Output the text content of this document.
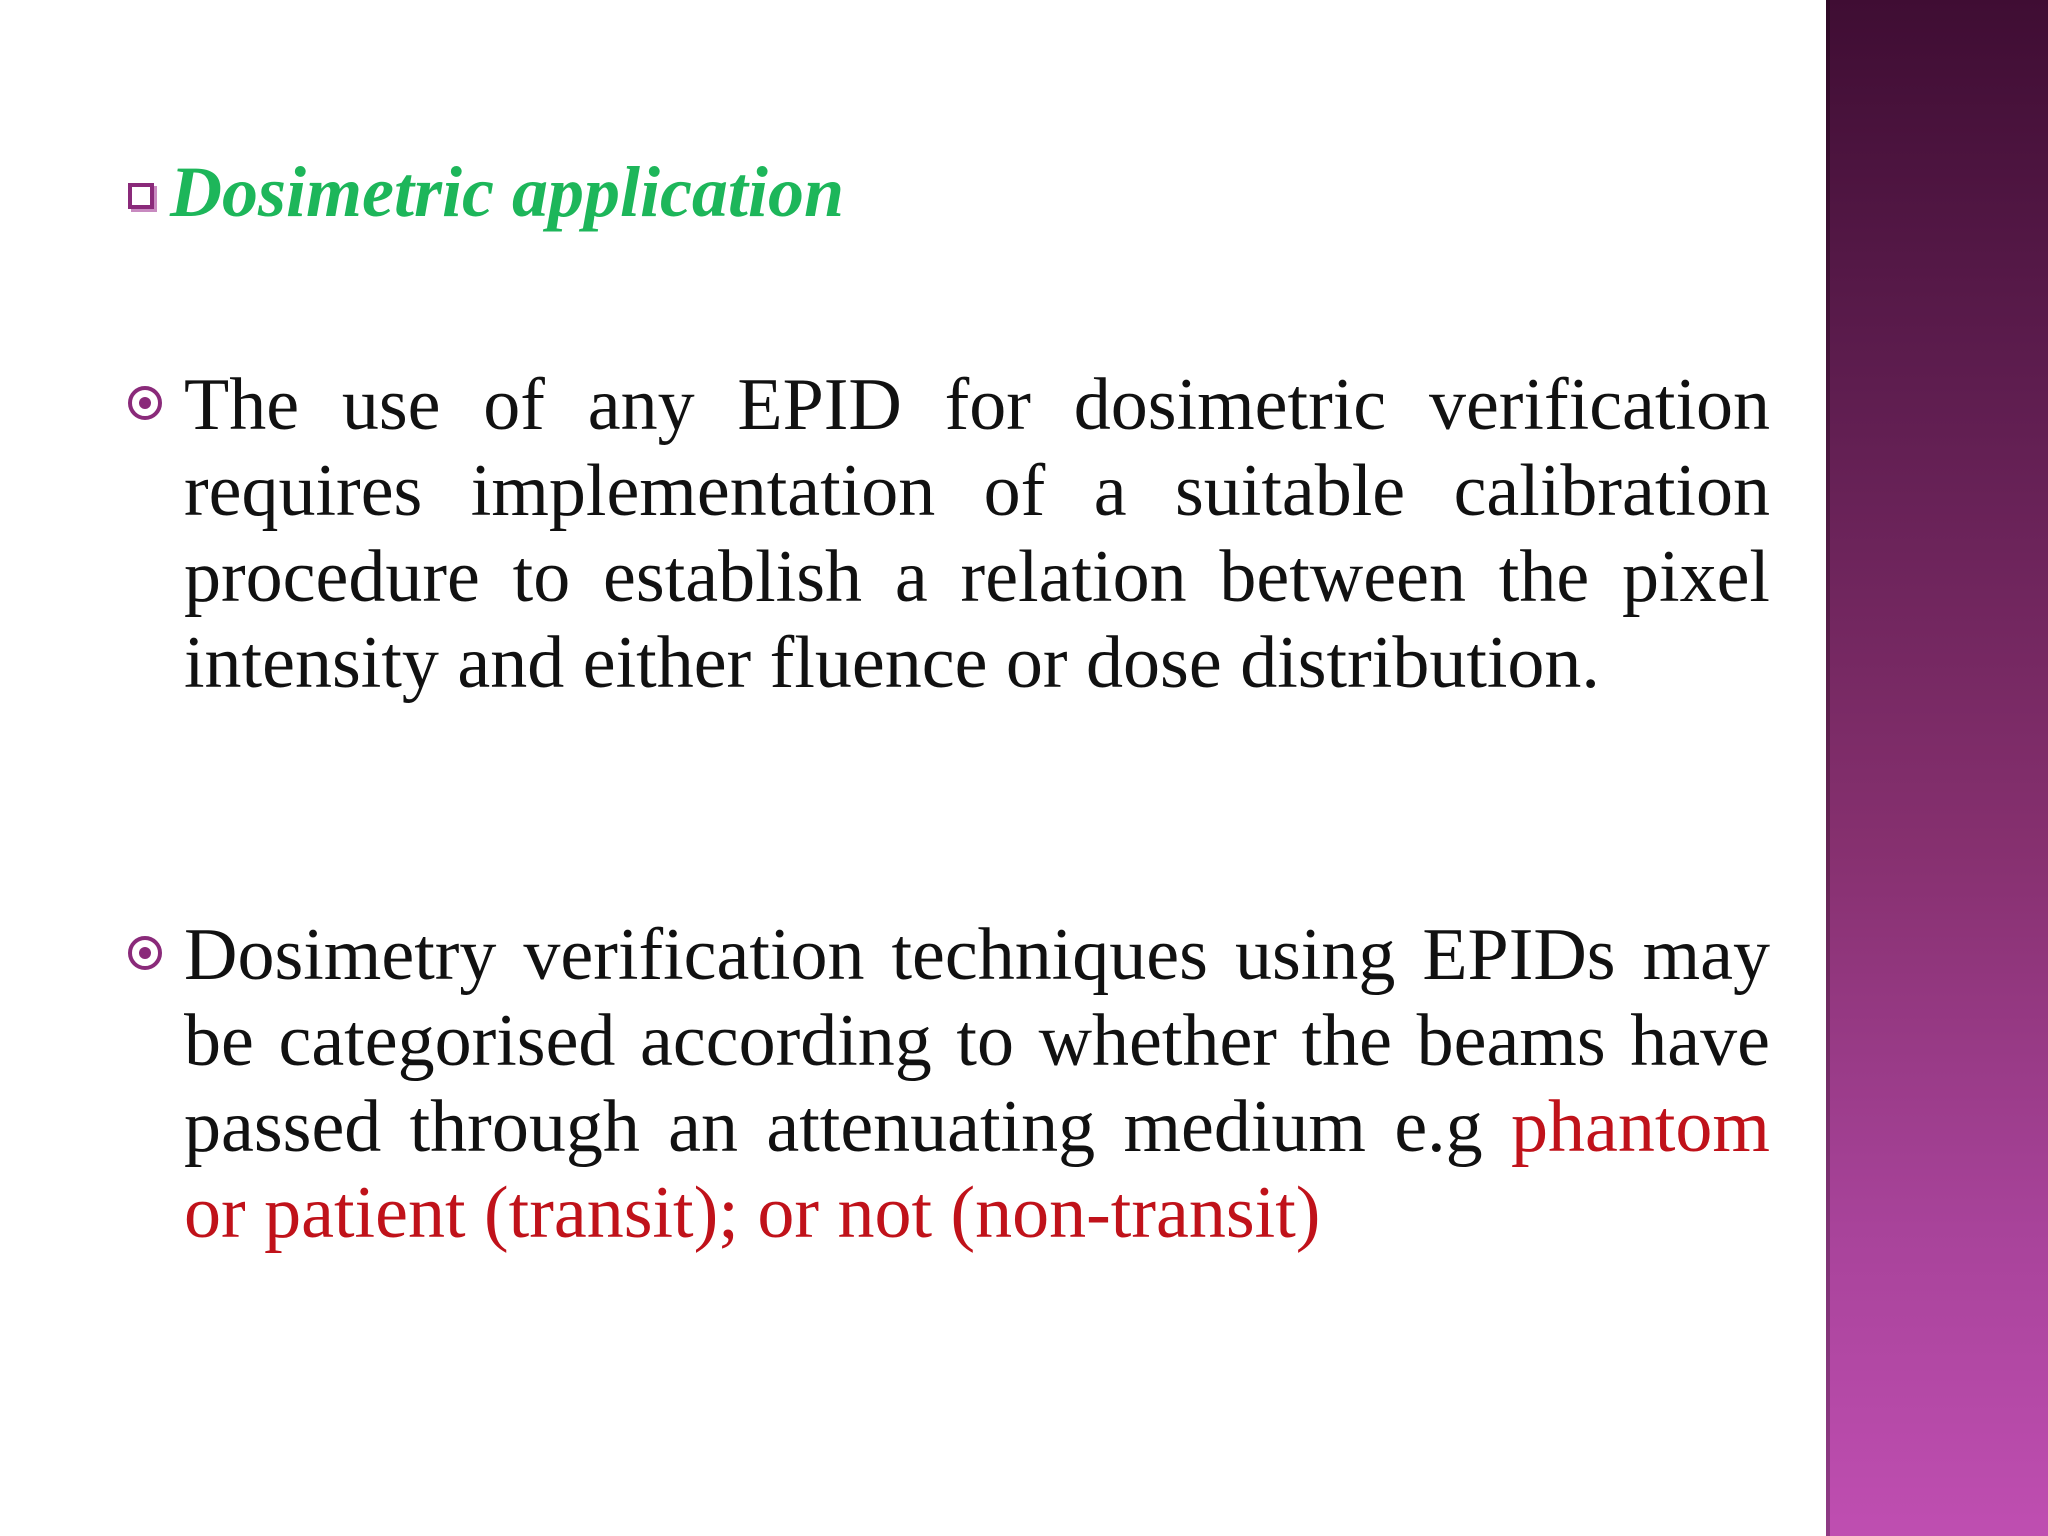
Dosimetric application

The use of any EPID for dosimetric verification requires implementation of a suitable calibration procedure to establish a relation between the pixel intensity and either fluence or dose distribution.

Dosimetry verification techniques using EPIDs may be categorised according to whether the beams have passed through an attenuating medium e.g phantom or patient (transit); or not (non-transit)
